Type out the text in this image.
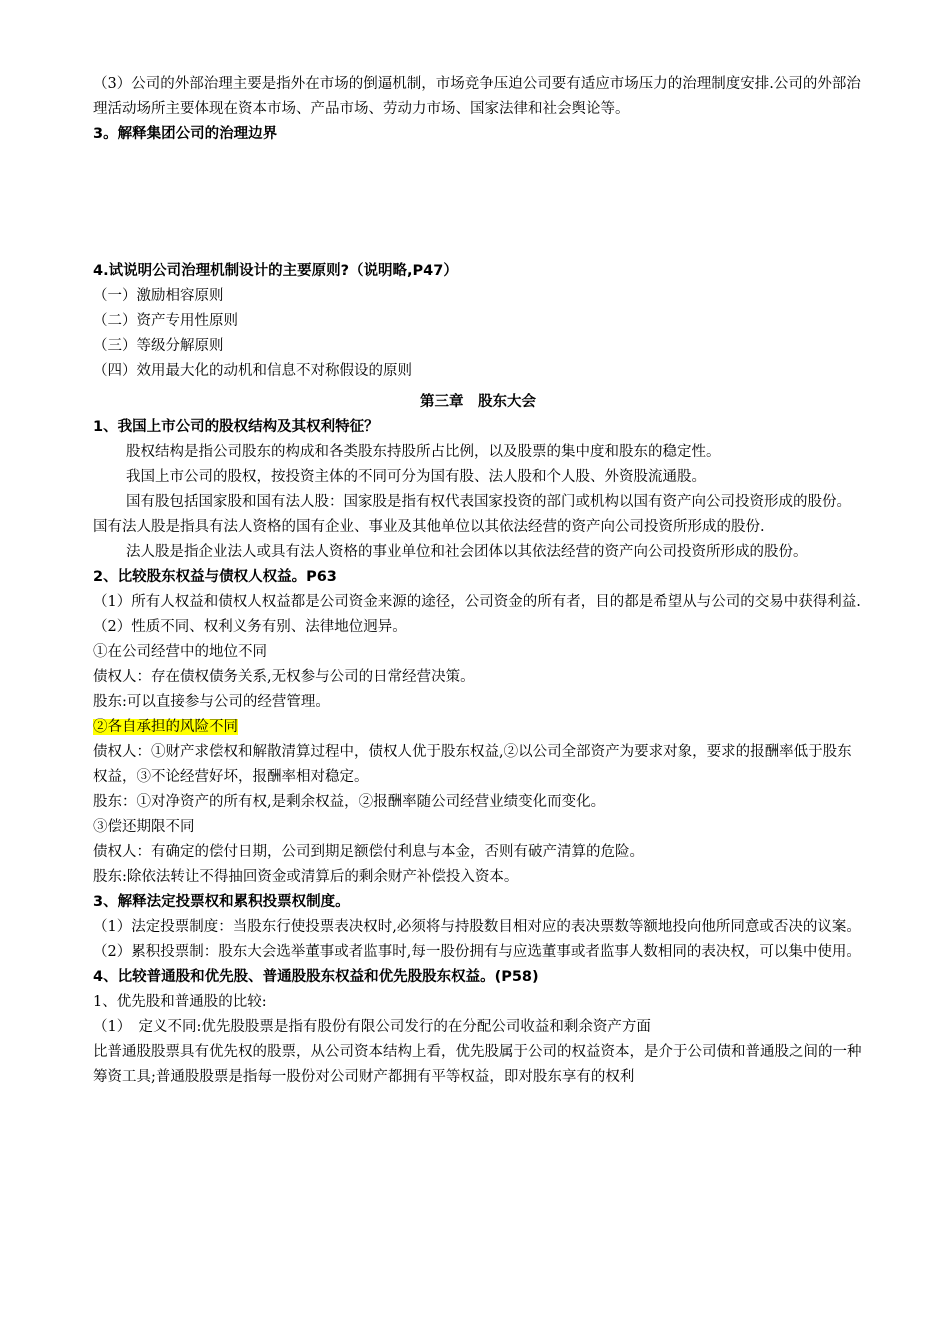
（3）公司的外部治理主要是指外在市场的倒逼机制，市场竞争压迫公司要有适应市场压力的治理制度安排.公司的外部治理活动场所主要体现在资本市场、产品市场、劳动力市场、国家法律和社会舆论等。
3。解释集团公司的治理边界
4.试说明公司治理机制设计的主要原则?（说明略,P47）
（一）激励相容原则
（二）资产专用性原则
（三）等级分解原则
（四）效用最大化的动机和信息不对称假设的原则
第三章　股东大会
1、我国上市公司的股权结构及其权利特征？
股权结构是指公司股东的构成和各类股东持股所占比例，以及股票的集中度和股东的稳定性。
我国上市公司的股权，按投资主体的不同可分为国有股、法人股和个人股、外资股流通股。
国有股包括国家股和国有法人股：国家股是指有权代表国家投资的部门或机构以国有资产向公司投资形成的股份。国有法人股是指具有法人资格的国有企业、事业及其他单位以其依法经营的资产向公司投资所形成的股份.
法人股是指企业法人或具有法人资格的事业单位和社会团体以其依法经营的资产向公司投资所形成的股份。
2、比较股东权益与债权人权益。P63
（1）所有人权益和债权人权益都是公司资金来源的途径，公司资金的所有者，目的都是希望从与公司的交易中获得利益.
（2）性质不同、权利义务有别、法律地位迥异。
①在公司经营中的地位不同
债权人：存在债权债务关系,无权参与公司的日常经营决策。
股东:可以直接参与公司的经营管理。
②各自承担的风险不同
债权人：①财产求偿权和解散清算过程中，债权人优于股东权益,②以公司全部资产为要求对象，要求的报酬率低于股东权益，③不论经营好坏，报酬率相对稳定。
股东：①对净资产的所有权,是剩余权益，②报酬率随公司经营业绩变化而变化。
③偿还期限不同
债权人：有确定的偿付日期，公司到期足额偿付利息与本金，否则有破产清算的危险。
股东:除依法转让不得抽回资金或清算后的剩余财产补偿投入资本。
3、解释法定投票权和累积投票权制度。
（1）法定投票制度：当股东行使投票表决权时,必须将与持股数目相对应的表决票数等额地投向他所同意或否决的议案。
（2）累积投票制：股东大会选举董事或者监事时,每一股份拥有与应选董事或者监事人数相同的表决权，可以集中使用。
4、比较普通股和优先股、普通股股东权益和优先股股东权益。(P58)
1、优先股和普通股的比较:
（1）　定义不同:优先股股票是指有股份有限公司发行的在分配公司收益和剩余资产方面
比普通股股票具有优先权的股票，从公司资本结构上看，优先股属于公司的权益资本，是介于公司债和普通股之间的一种筹资工具;普通股股票是指每一股份对公司财产都拥有平等权益，即对股东享有的权利
